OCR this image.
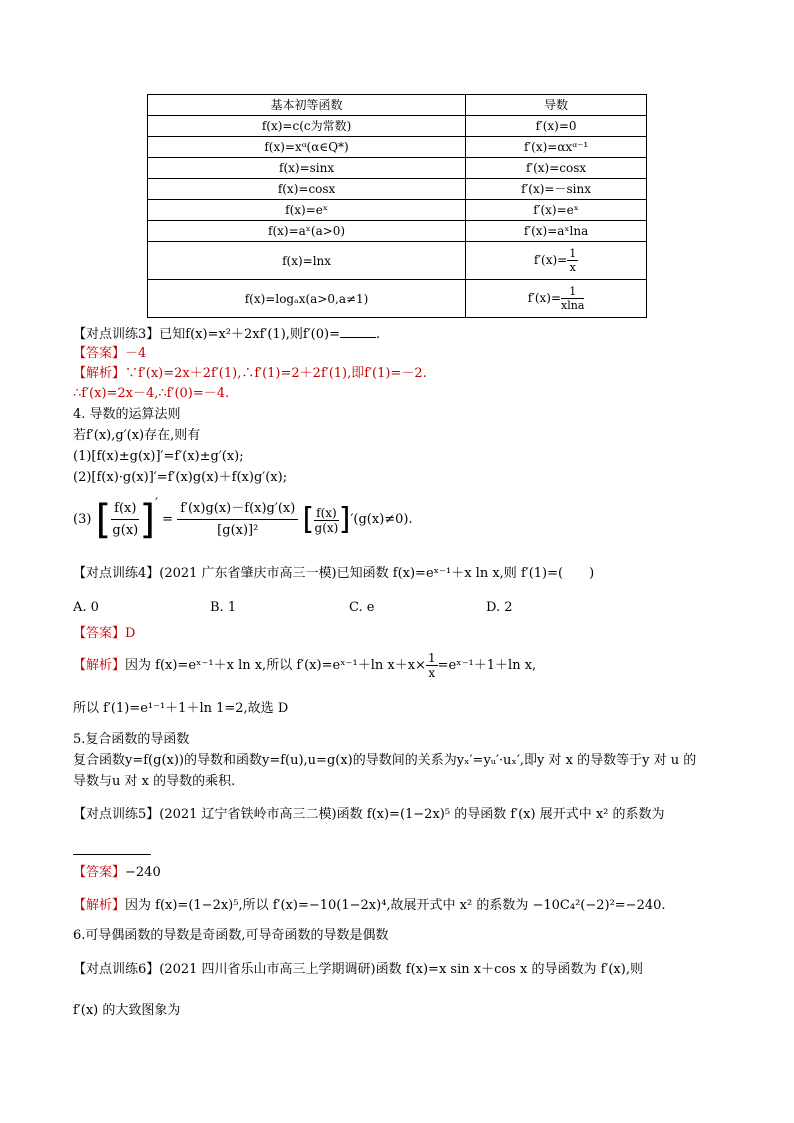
基本初等函数	导数
f(x)=c(c为常数)	f′(x)=0
f(x)=xᵅ(α∈Q*)	f′(x)=αxᵅ⁻¹
f(x)=sinx	f′(x)=cosx
f(x)=cosx	f′(x)=－sinx
f(x)=eˣ	f′(x)=eˣ
f(x)=aˣ(a>0)	f′(x)=aˣlna
f(x)=lnx	$f'(x)= \frac{1}{x}$

f(x)=logₐx(a>0,a≠1)	$f'(x)= \frac{1}{xlna}$
【对点训练3】已知f(x)=x²＋2xf′(1),则f′(0)=	.
【答案】－4
【解析】∵f′(x)=2x＋2f′(1),∴f′(1)=2＋2f′(1),即f′(1)=－2.
∴f′(x)=2x－4,∴f′(0)=－4.
4. 导数的运算法则
若f′(x),g′(x)存在,则有
(1)[f(x)±g(x)]′=f′(x)±g′(x);
(2)[f(x)·g(x)]′=f′(x)g(x)＋f(x)g′(x);
(3) [ $\frac{f(x)}{g(x)}$ ]′ = $\frac{f'(x)g(x)-f(x)g'(x)}{\text{[g(x)]²}}$ [ $\frac{f(x)}{g(x)} ]'(g(x)\ne 0)$.
【对点训练4】(2021 广东省肇庆市高三一模)已知函数 f(x)=eˣ⁻¹＋x ln x,则 f′(1)=(　　)
A. 0	B. 1	C. e	D. 2
【答案】D
【解析】因为 f(x)=eˣ⁻¹＋x ln x,所以 f′(x)=eˣ⁻¹＋ln $x+x\times \frac{1}{x}$ =eˣ⁻¹＋1＋ln x,
所以 f′(1)=e¹⁻¹＋1＋ln 1=2,故选 D
5.复合函数的导函数
复合函数y=f(g(x))的导数和函数y=f(u),u=g(x)的导数间的关系为yₓ′=yᵤ′·uₓ′,即y 对 x 的导数等于y 对 u 的
导数与u 对 x 的导数的乘积.
【对点训练5】(2021 辽宁省铁岭市高三二模)函数 f(x)=(1−2x)⁵ 的导函数 f′(x) 展开式中 x² 的系数为
【答案】−240
【解析】因为 f(x)=(1−2x)⁵,所以 f′(x)=−10(1−2x)⁴,故展开式中 x² 的系数为 −10C₄²(−2)²=−240.
6.可导偶函数的导数是奇函数,可导奇函数的导数是偶数
【对点训练6】(2021 四川省乐山市高三上学期调研)函数 f(x)=x sin x＋cos x 的导函数为 f′(x),则
f′(x) 的大致图象为
